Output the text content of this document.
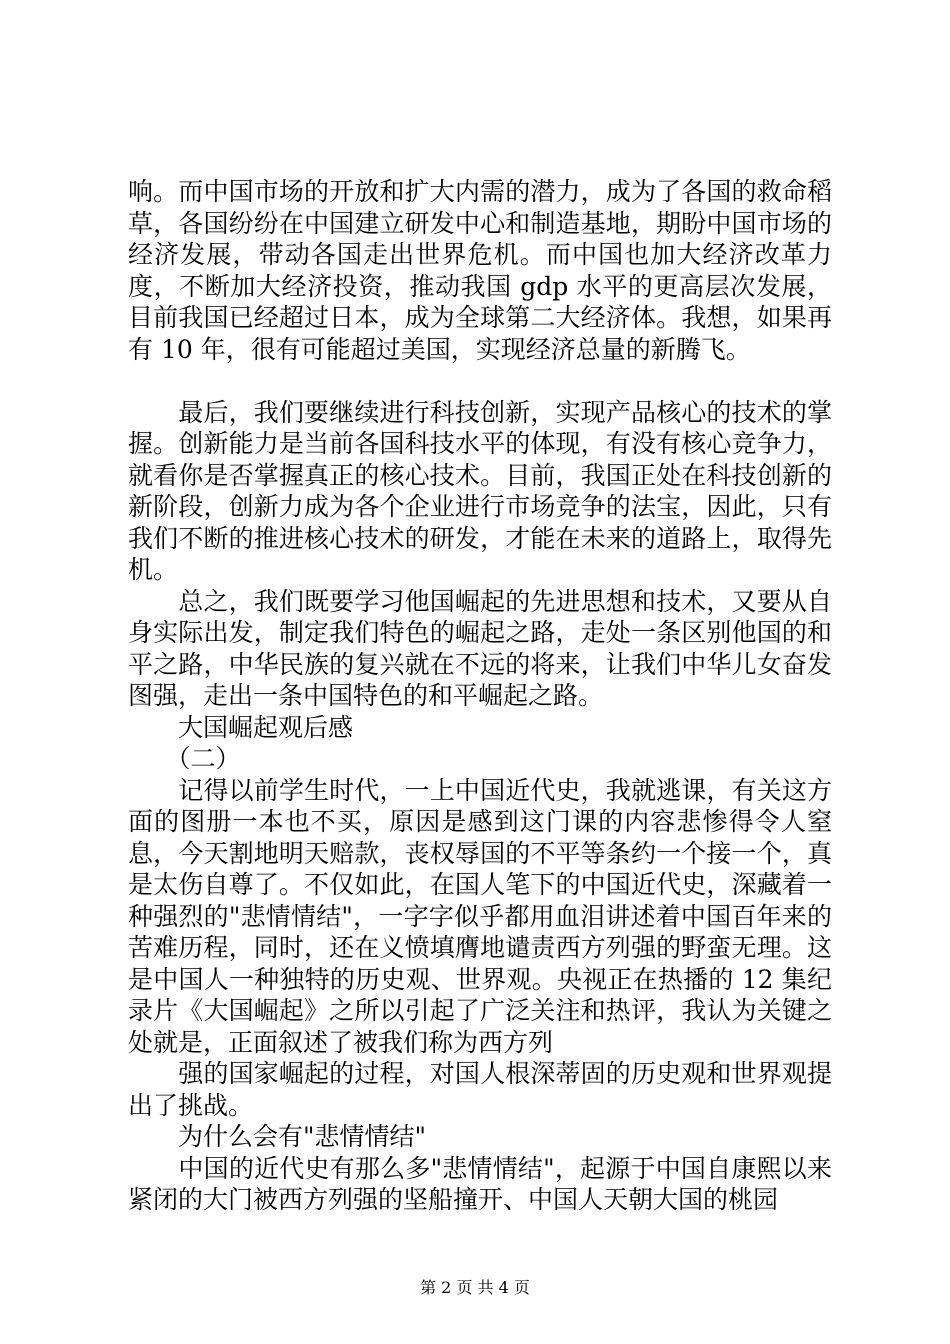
响。而中国市场的开放和扩大内需的潜力，成为了各国的救命稻草，各国纷纷在中国建立研发中心和制造基地，期盼中国市场的经济发展，带动各国走出世界危机。而中国也加大经济改革力度，不断加大经济投资，推动我国 gdp 水平的更高层次发展，目前我国已经超过日本，成为全球第二大经济体。我想，如果再有 10 年，很有可能超过美国，实现经济总量的新腾飞。

　　最后，我们要继续进行科技创新，实现产品核心的技术的掌握。创新能力是当前各国科技水平的体现，有没有核心竞争力，就看你是否掌握真正的核心技术。目前，我国正处在科技创新的新阶段，创新力成为各个企业进行市场竞争的法宝，因此，只有我们不断的推进核心技术的研发，才能在未来的道路上，取得先机。

　　总之，我们既要学习他国崛起的先进思想和技术，又要从自身实际出发，制定我们特色的崛起之路，走处一条区别他国的和平之路，中华民族的复兴就在不远的将来，让我们中华儿女奋发图强，走出一条中国特色的和平崛起之路。

　　大国崛起观后感

　　（二）

　　记得以前学生时代，一上中国近代史，我就逃课，有关这方面的图册一本也不买，原因是感到这门课的内容悲惨得令人窒息，今天割地明天赔款，丧权辱国的不平等条约一个接一个，真是太伤自尊了。不仅如此，在国人笔下的中国近代史，深藏着一种强烈的"悲情情结"，一字字似乎都用血泪讲述着中国百年来的苦难历程，同时，还在义愤填膺地谴责西方列强的野蛮无理。这是中国人一种独特的历史观、世界观。央视正在热播的 12 集纪录片《大国崛起》之所以引起了广泛关注和热评，我认为关键之处就是，正面叙述了被我们称为西方列

　　强的国家崛起的过程，对国人根深蒂固的历史观和世界观提出了挑战。

　　为什么会有"悲情情结"

　　中国的近代史有那么多"悲情情结"，起源于中国自康熙以来紧闭的大门被西方列强的坚船撞开、中国人天朝大国的桃园

第 2 页 共 4 页
